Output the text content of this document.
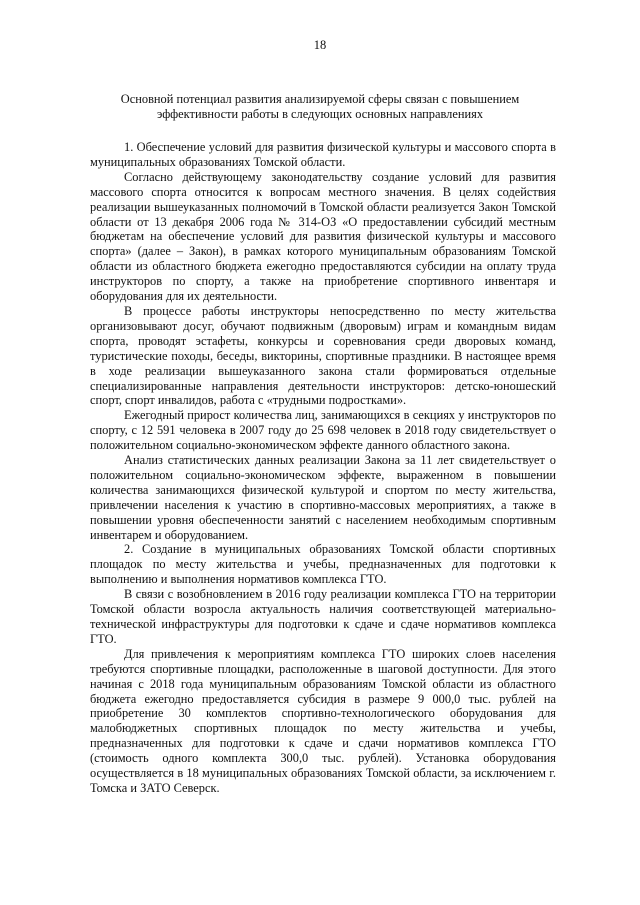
18
Основной потенциал развития анализируемой сферы связан с повышением эффективности работы в следующих основных направлениях

1. Обеспечение условий для развития физической культуры и массового спорта в муниципальных образованиях Томской области.

Согласно действующему законодательству создание условий для развития массового спорта относится к вопросам местного значения. В целях содействия реализации вышеуказанных полномочий в Томской области реализуется Закон Томской области от 13 декабря 2006 года № 314-ОЗ «О предоставлении субсидий местным бюджетам на обеспечение условий для развития физической культуры и массового спорта» (далее – Закон), в рамках которого муниципальным образованиям Томской области из областного бюджета ежегодно предоставляются субсидии на оплату труда инструкторов по спорту, а также на приобретение спортивного инвентаря и оборудования для их деятельности.

В процессе работы инструкторы непосредственно по месту жительства организовывают досуг, обучают подвижным (дворовым) играм и командным видам спорта, проводят эстафеты, конкурсы и соревнования среди дворовых команд, туристические походы, беседы, викторины, спортивные праздники. В настоящее время в ходе реализации вышеуказанного закона стали формироваться отдельные специализированные направления деятельности инструкторов: детско-юношеский спорт, спорт инвалидов, работа с «трудными подростками».

Ежегодный прирост количества лиц, занимающихся в секциях у инструкторов по спорту, с 12 591 человека в 2007 году до 25 698 человек в 2018 году свидетельствует о положительном социально-экономическом эффекте данного областного закона.

Анализ статистических данных реализации Закона за 11 лет свидетельствует о положительном социально-экономическом эффекте, выраженном в повышении количества занимающихся физической культурой и спортом по месту жительства, привлечении населения к участию в спортивно-массовых мероприятиях, а также в повышении уровня обеспеченности занятий с населением необходимым спортивным инвентарем и оборудованием.

2. Создание в муниципальных образованиях Томской области спортивных площадок по месту жительства и учебы, предназначенных для подготовки к выполнению и выполнения нормативов комплекса ГТО.

В связи с возобновлением в 2016 году реализации комплекса ГТО на территории Томской области возросла актуальность наличия соответствующей материально-технической инфраструктуры для подготовки к сдаче и сдаче нормативов комплекса ГТО.

Для привлечения к мероприятиям комплекса ГТО широких слоев населения требуются спортивные площадки, расположенные в шаговой доступности. Для этого начиная с 2018 года муниципальным образованиям Томской области из областного бюджета ежегодно предоставляется субсидия в размере 9 000,0 тыс. рублей на приобретение 30 комплектов спортивно-технологического оборудования для малобюджетных спортивных площадок по месту жительства и учебы, предназначенных для подготовки к сдаче и сдачи нормативов комплекса ГТО (стоимость одного комплекта 300,0 тыс. рублей). Установка оборудования осуществляется в 18 муниципальных образованиях Томской области, за исключением г. Томска и ЗАТО Северск.
